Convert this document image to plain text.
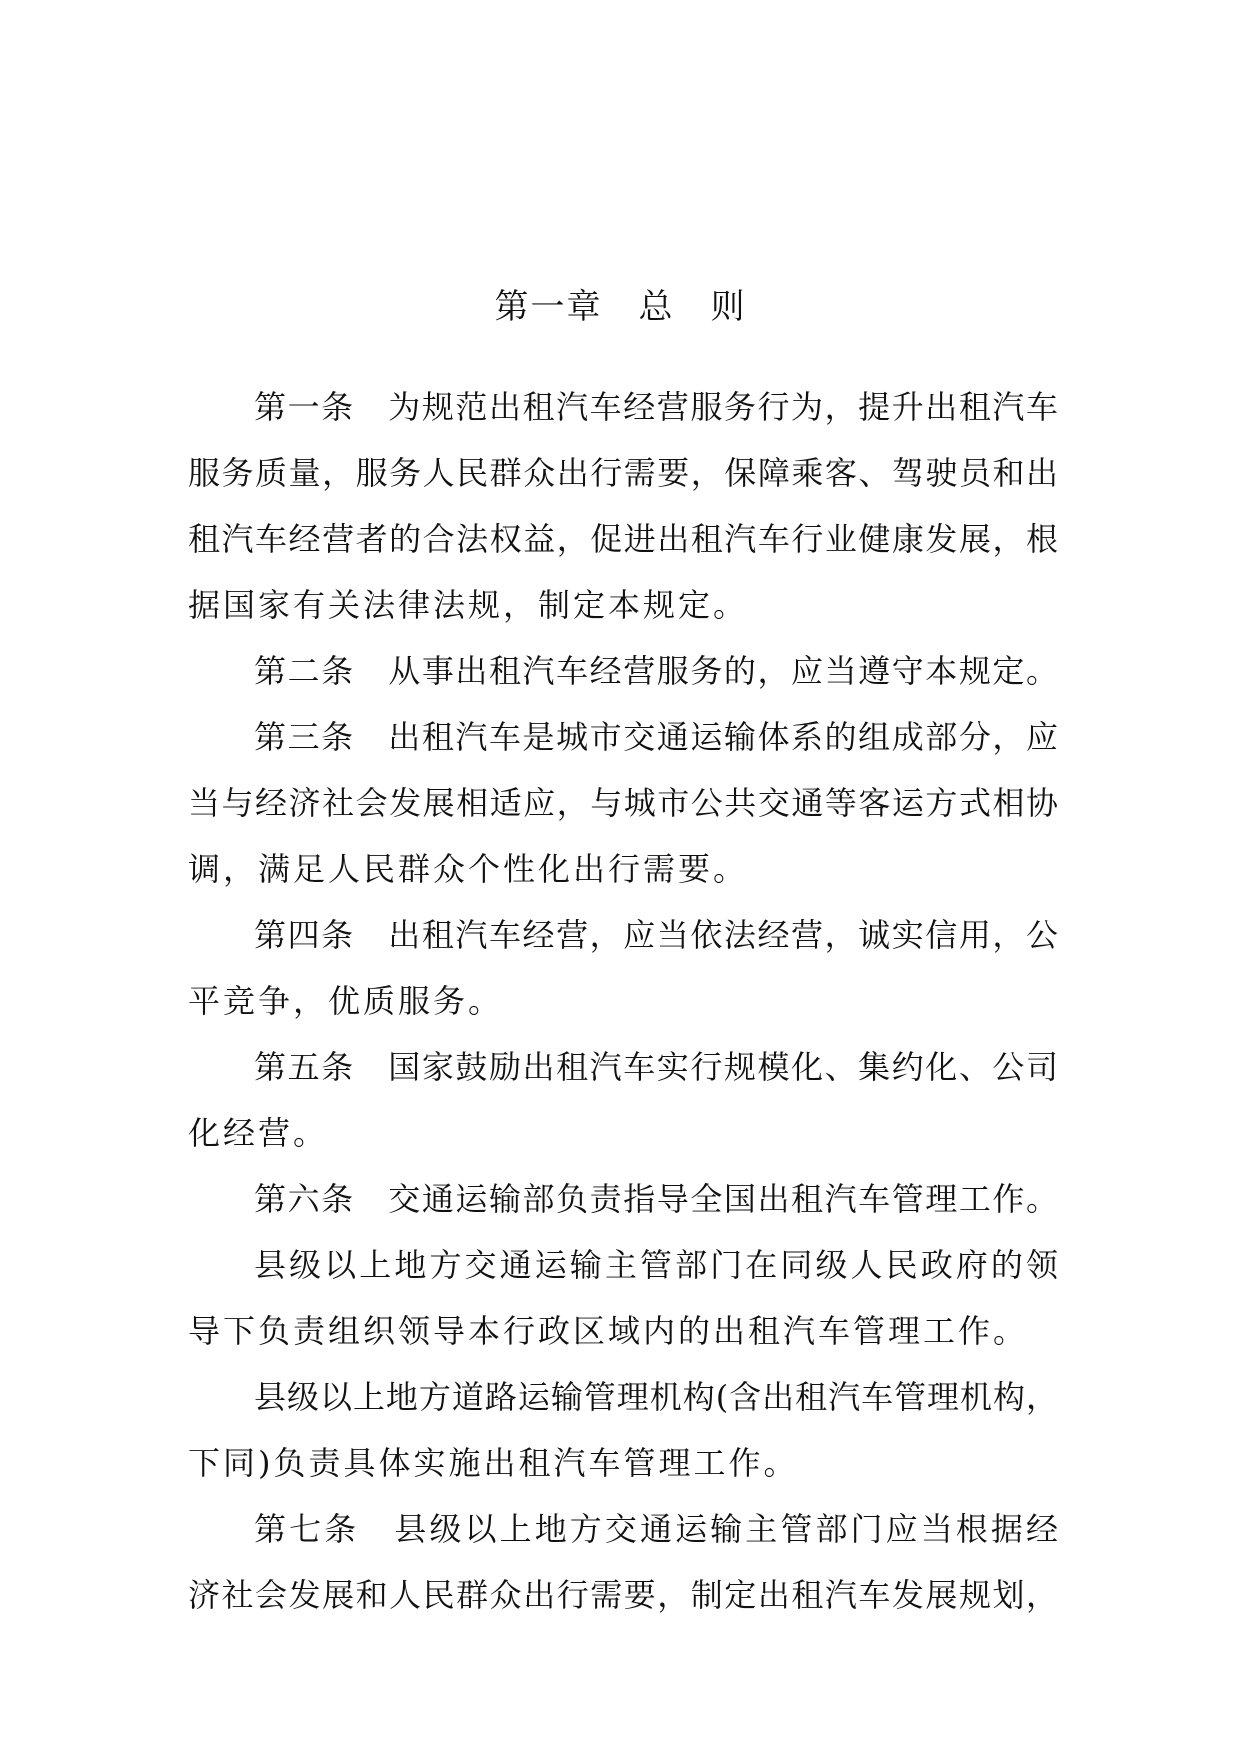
第一章　总　则
第一条　为规范出租汽车经营服务行为，提升出租汽车
服务质量，服务人民群众出行需要，保障乘客、驾驶员和出
租汽车经营者的合法权益，促进出租汽车行业健康发展，根
据国家有关法律法规，制定本规定。
第二条　从事出租汽车经营服务的，应当遵守本规定。
第三条　出租汽车是城市交通运输体系的组成部分，应
当与经济社会发展相适应，与城市公共交通等客运方式相协
调，满足人民群众个性化出行需要。
第四条　出租汽车经营，应当依法经营，诚实信用，公
平竞争，优质服务。
第五条　国家鼓励出租汽车实行规模化、集约化、公司
化经营。
第六条　交通运输部负责指导全国出租汽车管理工作。
县级以上地方交通运输主管部门在同级人民政府的领
导下负责组织领导本行政区域内的出租汽车管理工作。
县级以上地方道路运输管理机构(含出租汽车管理机构，
下同)负责具体实施出租汽车管理工作。
第七条　县级以上地方交通运输主管部门应当根据经
济社会发展和人民群众出行需要，制定出租汽车发展规划，
